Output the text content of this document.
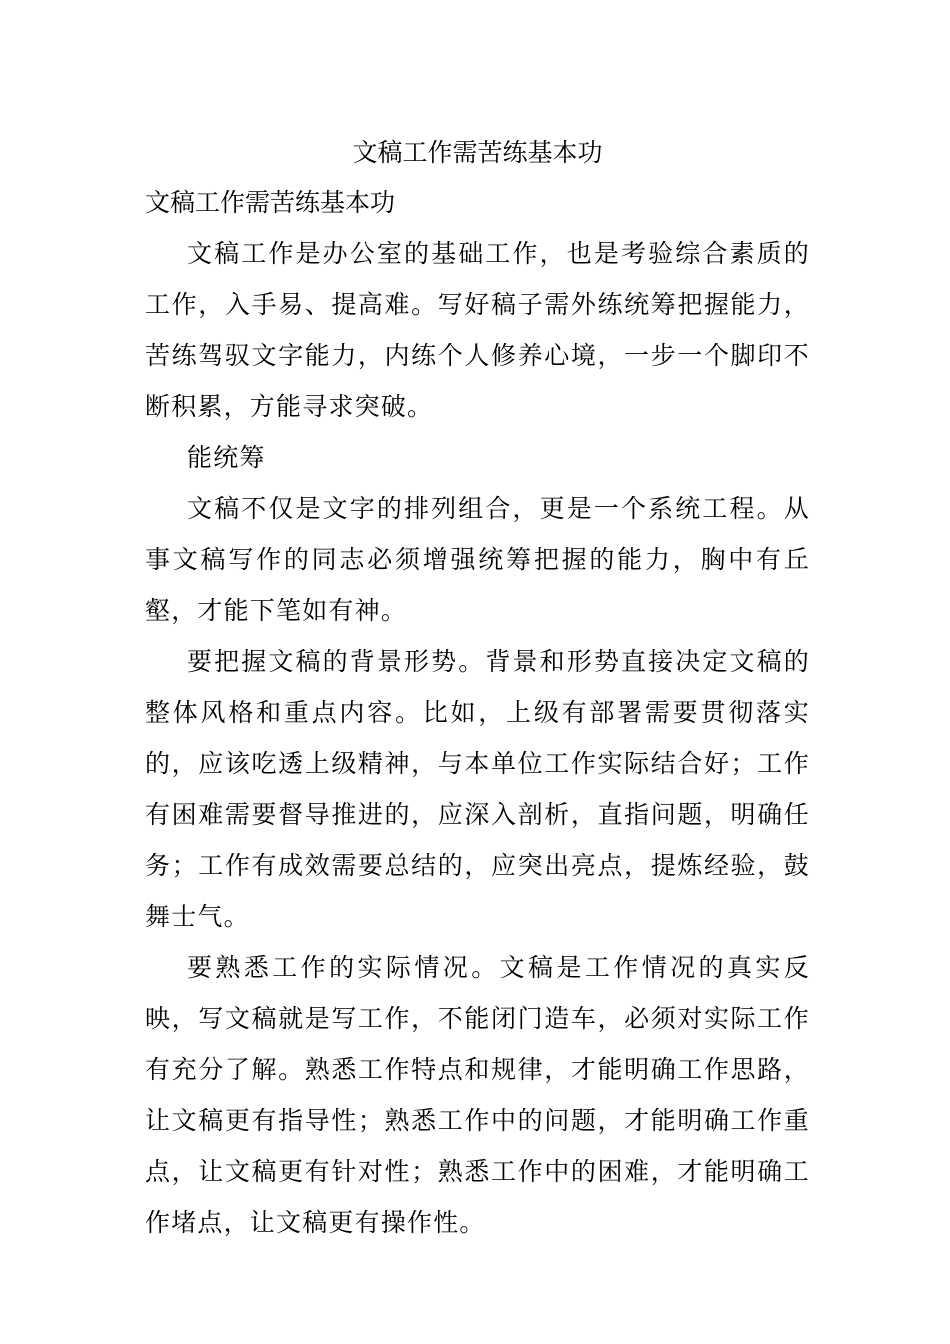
文稿工作需苦练基本功

文稿工作需苦练基本功

文稿工作是办公室的基础工作，也是考验综合素质的工作，入手易、提高难。写好稿子需外练统筹把握能力，苦练驾驭文字能力，内练个人修养心境，一步一个脚印不断积累，方能寻求突破。

能统筹

文稿不仅是文字的排列组合，更是一个系统工程。从事文稿写作的同志必须增强统筹把握的能力，胸中有丘壑，才能下笔如有神。

要把握文稿的背景形势。背景和形势直接决定文稿的整体风格和重点内容。比如，上级有部署需要贯彻落实的，应该吃透上级精神，与本单位工作实际结合好；工作有困难需要督导推进的，应深入剖析，直指问题，明确任务；工作有成效需要总结的，应突出亮点，提炼经验，鼓舞士气。

要熟悉工作的实际情况。文稿是工作情况的真实反映，写文稿就是写工作，不能闭门造车，必须对实际工作有充分了解。熟悉工作特点和规律，才能明确工作思路，让文稿更有指导性；熟悉工作中的问题，才能明确工作重点，让文稿更有针对性；熟悉工作中的困难，才能明确工作堵点，让文稿更有操作性。
